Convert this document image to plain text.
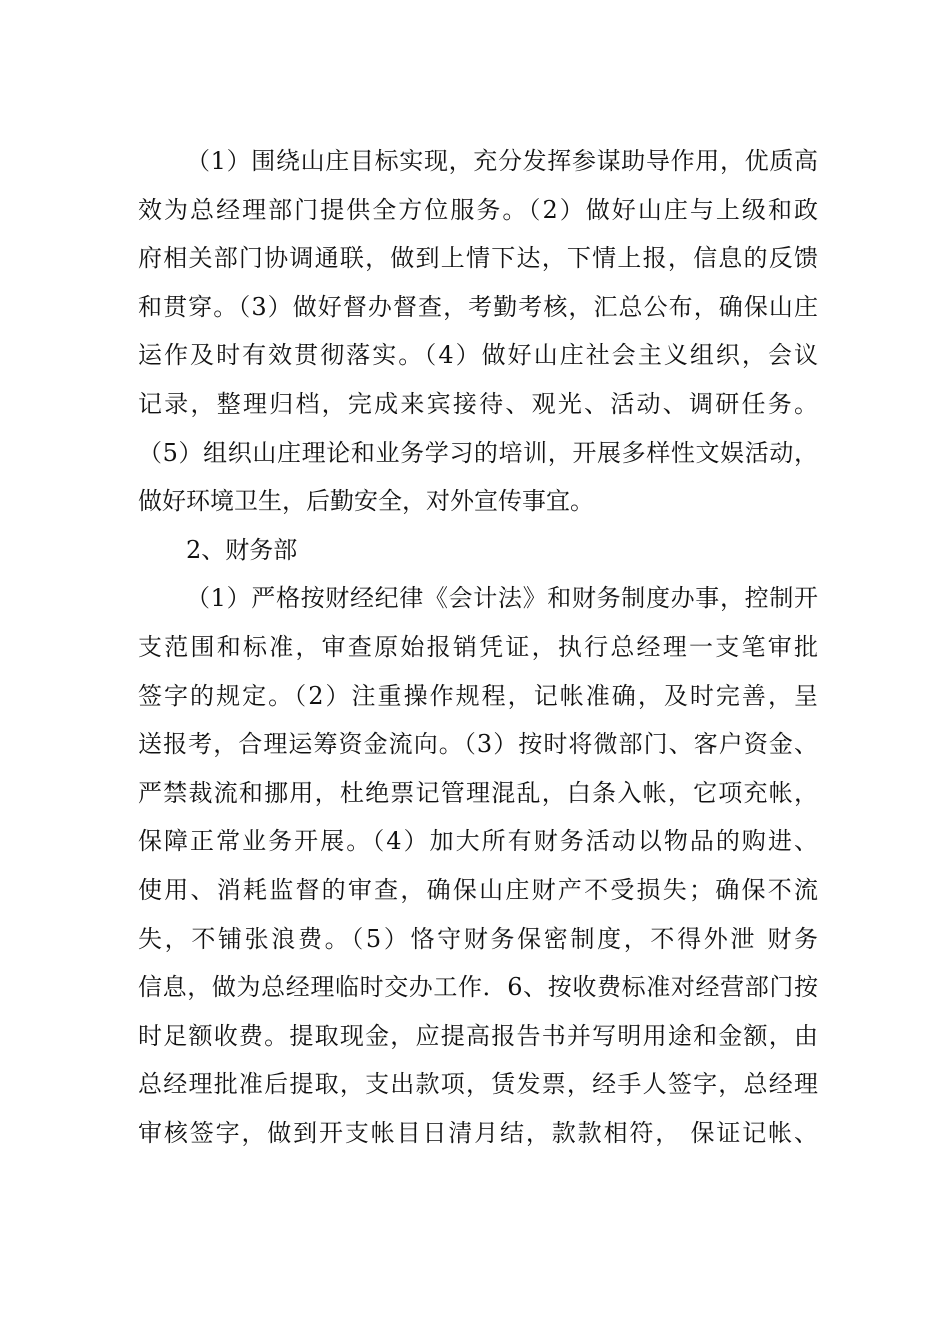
（1）围绕山庄目标实现，充分发挥参谋助导作用，优质高
效为总经理部门提供全方位服务。（2）做好山庄与上级和政
府相关部门协调通联，做到上情下达，下情上报，信息的反馈
和贯穿。（3）做好督办督查，考勤考核，汇总公布，确保山庄
运作及时有效贯彻落实。（4）做好山庄社会主义组织，会议
记录，整理归档，完成来宾接待、观光、活动、调研任务。
（5）组织山庄理论和业务学习的培训，开展多样性文娱活动，
做好环境卫生，后勤安全，对外宣传事宜。
2、财务部
（1）严格按财经纪律《会计法》和财务制度办事，控制开
支范围和标准，审查原始报销凭证，执行总经理一支笔审批
签字的规定。（2）注重操作规程，记帐准确，及时完善，呈
送报考，合理运筹资金流向。（3）按时将微部门、客户资金、
严禁裁流和挪用，杜绝票记管理混乱，白条入帐，它项充帐，
保障正常业务开展。（4）加大所有财务活动以物品的购进、
使用、消耗监督的审查，确保山庄财产不受损失；确保不流
失，不铺张浪费。（5）恪守财务保密制度，不得外泄 财务
信息，做为总经理临时交办工作．6、按收费标准对经营部门按
时足额收费。提取现金，应提高报告书并写明用途和金额，由
总经理批准后提取，支出款项，赁发票，经手人签字，总经理
审核签字，做到开支帐目日清月结，款款相符， 保证记帐、
